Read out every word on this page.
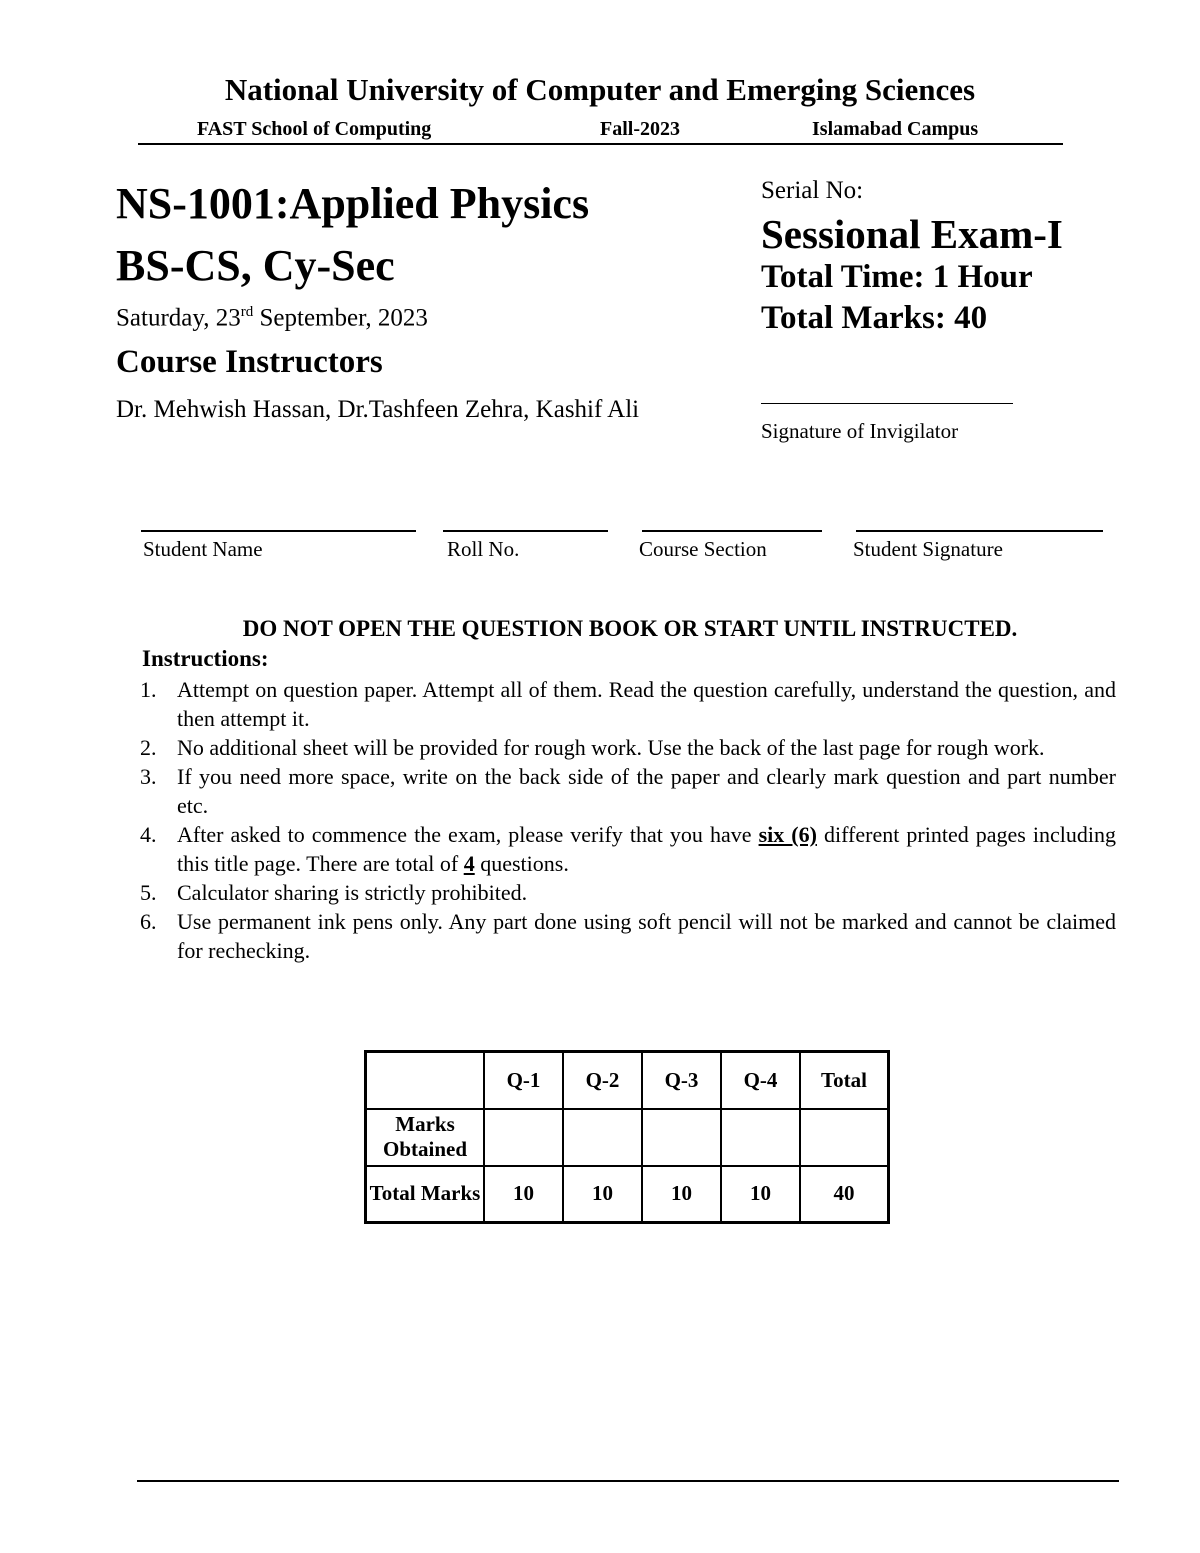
National University of Computer and Emerging Sciences
FAST School of Computing	Fall-2023	Islamabad Campus
NS-1001:Applied Physics
BS-CS, Cy-Sec
Saturday, 23rd September, 2023
Course Instructors
Dr. Mehwish Hassan, Dr.Tashfeen Zehra, Kashif Ali
Serial No:
Sessional Exam-I
Total Time: 1 Hour
Total Marks: 40
Signature of Invigilator
Student Name	Roll No.	Course Section	Student Signature
DO NOT OPEN THE QUESTION BOOK OR START UNTIL INSTRUCTED.
Instructions:
1. Attempt on question paper. Attempt all of them. Read the question carefully, understand the question, and then attempt it.
2. No additional sheet will be provided for rough work. Use the back of the last page for rough work.
3. If you need more space, write on the back side of the paper and clearly mark question and part number etc.
4. After asked to commence the exam, please verify that you have six (6) different printed pages including this title page. There are total of 4 questions.
5. Calculator sharing is strictly prohibited.
6. Use permanent ink pens only. Any part done using soft pencil will not be marked and cannot be claimed for rechecking.
	Q-1	Q-2	Q-3	Q-4	Total
Marks Obtained					
Total Marks	10	10	10	10	40
